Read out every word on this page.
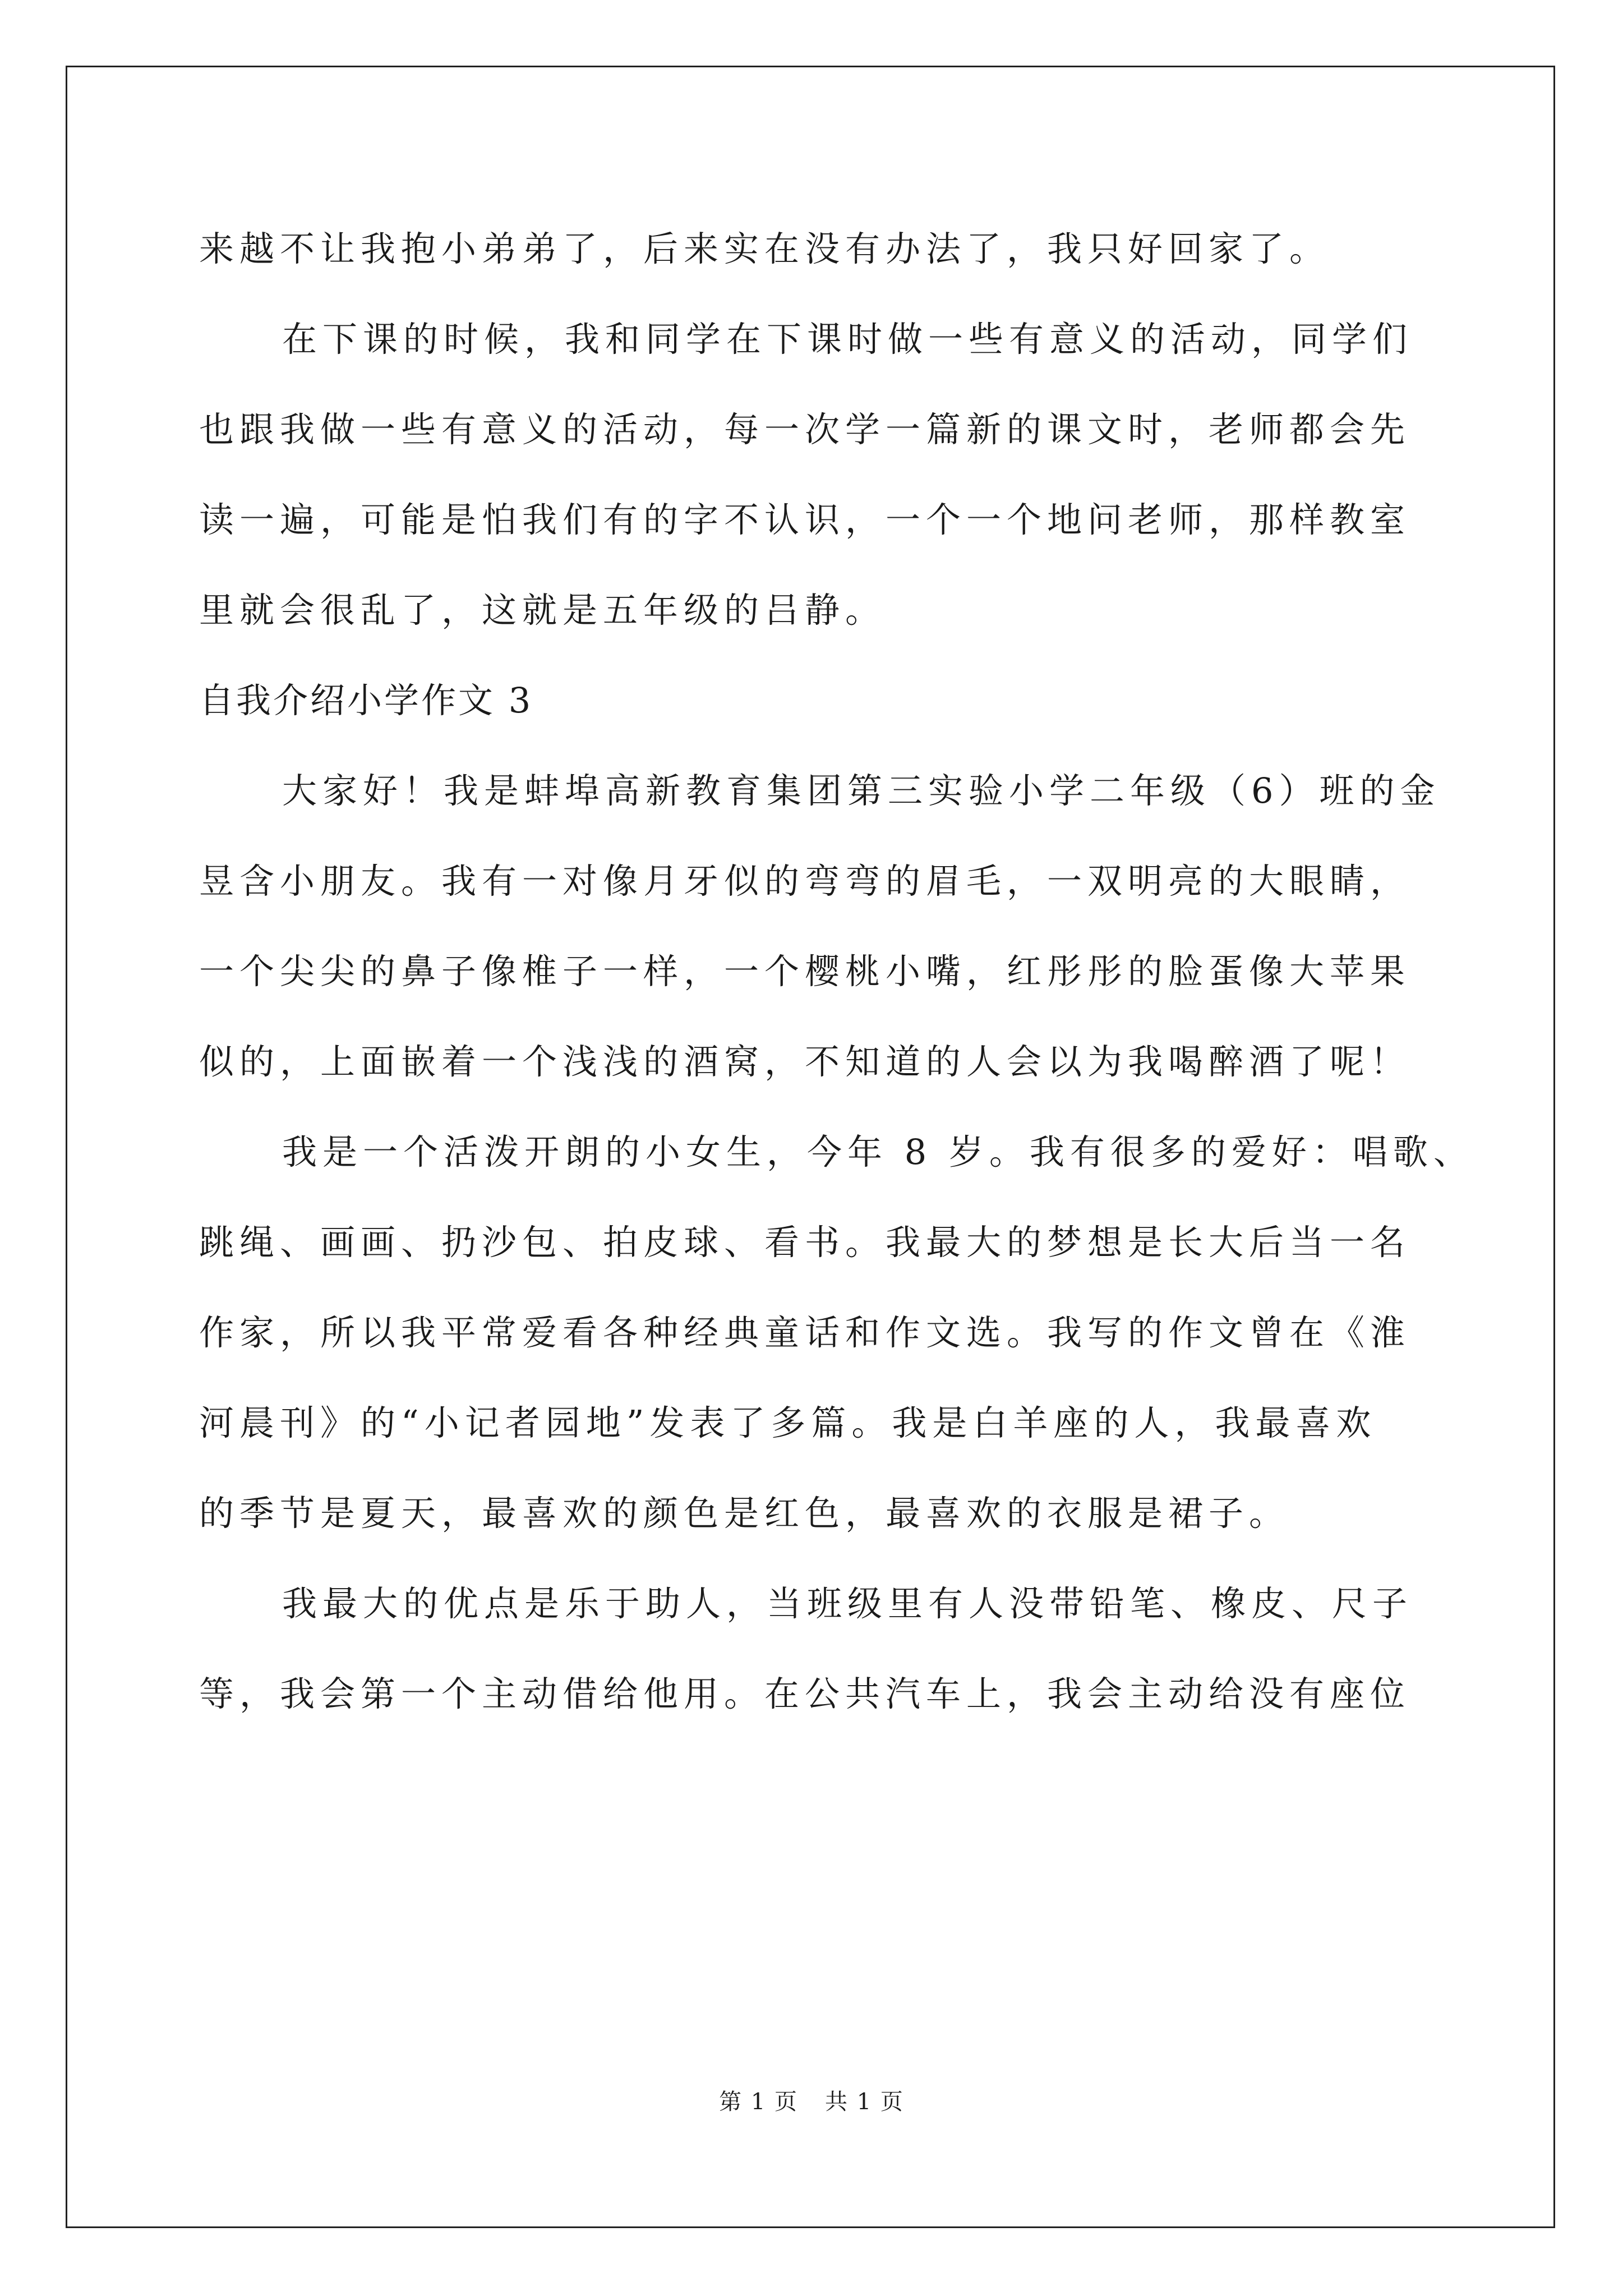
来越不让我抱小弟弟了，后来实在没有办法了，我只好回家了。

在下课的时候，我和同学在下课时做一些有意义的活动，同学们

也跟我做一些有意义的活动，每一次学一篇新的课文时，老师都会先

读一遍，可能是怕我们有的字不认识，一个一个地问老师，那样教室

里就会很乱了，这就是五年级的吕静。

自我介绍小学作文 3

大家好！我是蚌埠高新教育集团第三实验小学二年级（6）班的金

昱含小朋友。我有一对像月牙似的弯弯的眉毛，一双明亮的大眼睛，

一个尖尖的鼻子像椎子一样，一个樱桃小嘴，红彤彤的脸蛋像大苹果

似的，上面嵌着一个浅浅的酒窝，不知道的人会以为我喝醉酒了呢！

我是一个活泼开朗的小女生，今年 8 岁。我有很多的爱好：唱歌、

跳绳、画画、扔沙包、拍皮球、看书。我最大的梦想是长大后当一名

作家，所以我平常爱看各种经典童话和作文选。我写的作文曾在《淮

河晨刊》的“小记者园地”发表了多篇。我是白羊座的人，我最喜欢

的季节是夏天，最喜欢的颜色是红色，最喜欢的衣服是裙子。

我最大的优点是乐于助人，当班级里有人没带铅笔、橡皮、尺子

等，我会第一个主动借给他用。在公共汽车上，我会主动给没有座位

第 1 页 共 1 页
